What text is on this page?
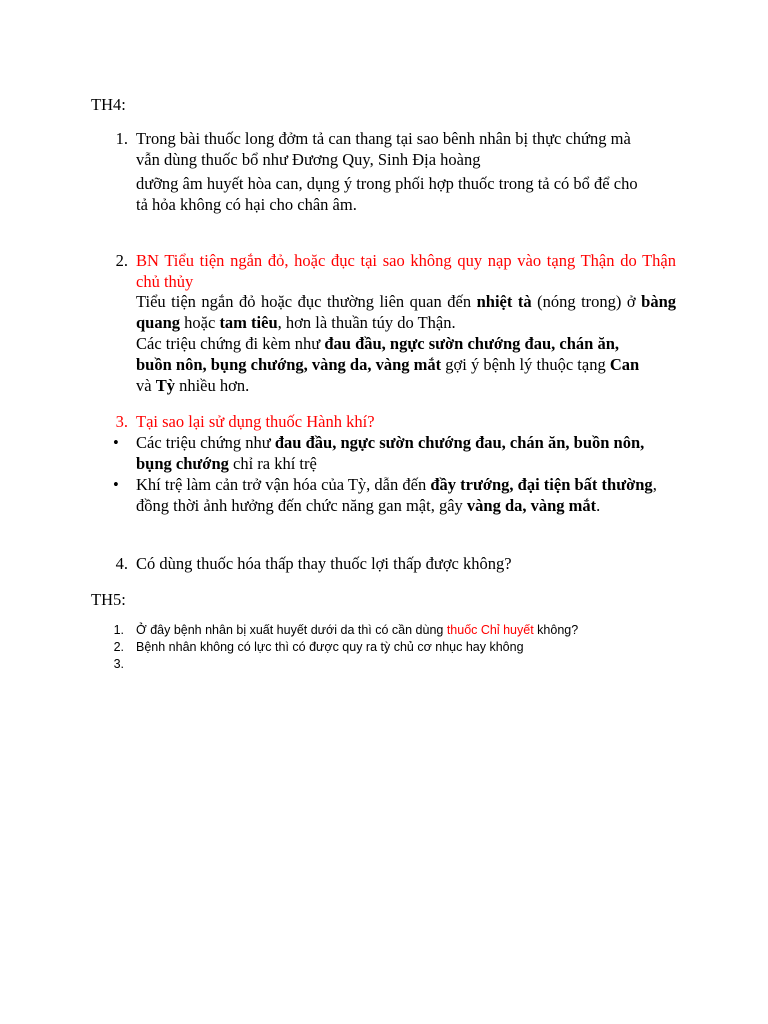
TH4:
1. Trong bài thuốc long đởm tả can thang tại sao bênh nhân bị thực chứng mà
vẫn dùng thuốc bổ như Đương Quy, Sinh Địa hoàng
dưỡng âm huyết hòa can, dụng ý trong phối hợp thuốc trong tả có bổ để cho
tả hỏa không có hại cho chân âm.
2. BN Tiểu tiện ngắn đỏ, hoặc đục tại sao không quy nạp vào tạng Thận do Thận chủ thủy
Tiểu tiện ngắn đỏ hoặc đục thường liên quan đến nhiệt tà (nóng trong) ở bàng quang hoặc tam tiêu, hơn là thuần túy do Thận.
Các triệu chứng đi kèm như đau đầu, ngực sườn chướng đau, chán ăn, buồn nôn, bụng chướng, vàng da, vàng mắt gợi ý bệnh lý thuộc tạng Can và Tỳ nhiều hơn.
3. Tại sao lại sử dụng thuốc Hành khí?
• Các triệu chứng như đau đầu, ngực sườn chướng đau, chán ăn, buồn nôn, bụng chướng chỉ ra khí trệ
• Khí trệ làm cản trở vận hóa của Tỳ, dẫn đến đầy trướng, đại tiện bất thường, đồng thời ảnh hưởng đến chức năng gan mật, gây vàng da, vàng mắt.
4. Có dùng thuốc hóa thấp thay thuốc lợi thấp được không?
TH5:
1. Ở đây bệnh nhân bị xuất huyết dưới da thì có cần dùng thuốc Chỉ huyết không?
2. Bệnh nhân không có lực thì có được quy ra tỳ chủ cơ nhục hay không
3.
